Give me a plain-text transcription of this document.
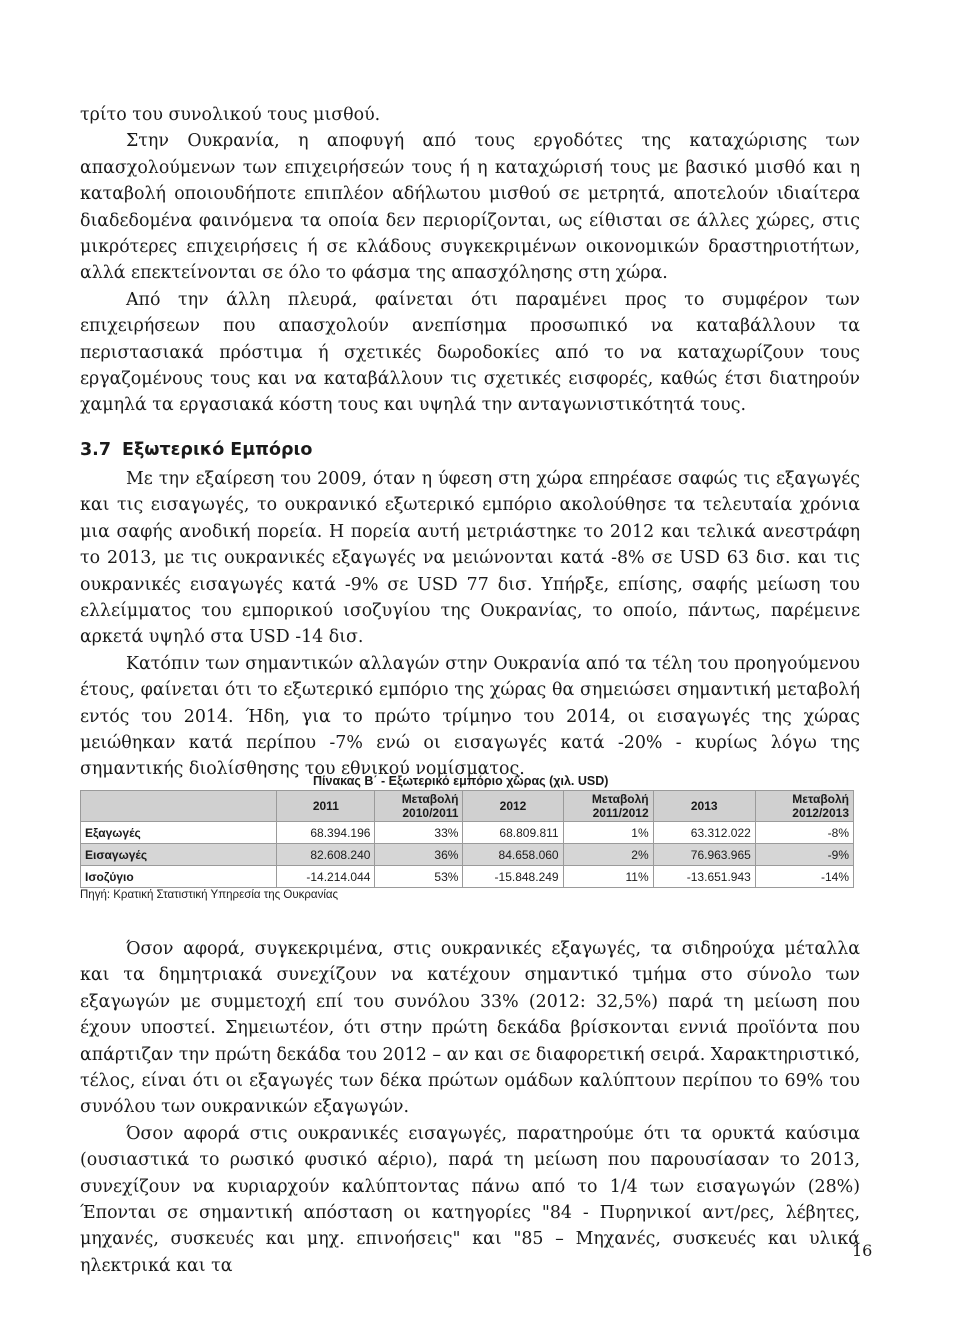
τρίτο του συνολικού τους μισθού.

Στην Ουκρανία, η αποφυγή από τους εργοδότες της καταχώρισης των απασχολούμενων των επιχειρήσεών τους ή η καταχώρισή τους με βασικό μισθό και η καταβολή οποιουδήποτε επιπλέον αδήλωτου μισθού σε μετρητά, αποτελούν ιδιαίτερα διαδεδομένα φαινόμενα τα οποία δεν περιορίζονται, ως είθισται σε άλλες χώρες, στις μικρότερες επιχειρήσεις ή σε κλάδους συγκεκριμένων οικονομικών δραστηριοτήτων, αλλά επεκτείνονται σε όλο το φάσμα της απασχόλησης στη χώρα.

Από την άλλη πλευρά, φαίνεται ότι παραμένει προς το συμφέρον των επιχειρήσεων που απασχολούν ανεπίσημα προσωπικό να καταβάλλουν τα περιστασιακά πρόστιμα ή σχετικές δωροδοκίες από το να καταχωρίζουν τους εργαζομένους τους και να καταβάλλουν τις σχετικές εισφορές, καθώς έτσι διατηρούν χαμηλά τα εργασιακά κόστη τους και υψηλά την ανταγωνιστικότητά τους.

3.7 Εξωτερικό Εμπόριο

Με την εξαίρεση του 2009, όταν η ύφεση στη χώρα επηρέασε σαφώς τις εξαγωγές και τις εισαγωγές, το ουκρανικό εξωτερικό εμπόριο ακολούθησε τα τελευταία χρόνια μια σαφής ανοδική πορεία. Η πορεία αυτή μετριάστηκε το 2012 και τελικά ανεστράφη το 2013, με τις ουκρανικές εξαγωγές να μειώνονται κατά -8% σε USD 63 δισ. και τις ουκρανικές εισαγωγές κατά -9% σε USD 77 δισ. Υπήρξε, επίσης, σαφής μείωση του ελλείμματος του εμπορικού ισοζυγίου της Ουκρανίας, το οποίο, πάντως, παρέμεινε αρκετά υψηλό στα USD -14 δισ.

Κατόπιν των σημαντικών αλλαγών στην Ουκρανία από τα τέλη του προηγούμενου έτους, φαίνεται ότι το εξωτερικό εμπόριο της χώρας θα σημειώσει σημαντική μεταβολή εντός του 2014. Ήδη, για το πρώτο τρίμηνο του 2014, οι εισαγωγές της χώρας μειώθηκαν κατά περίπου -7% ενώ οι εισαγωγές κατά -20% - κυρίως λόγω της σημαντικής διολίσθησης του εθνικού νομίσματος.

Πίνακας Β΄ - Εξωτερικό εμπόριο χώρας (χιλ. USD)
	2011	Μεταβολή 2010/2011	2012	Μεταβολή 2011/2012	2013	Μεταβολή 2012/2013
Εξαγωγές	68.394.196	33%	68.809.811	1%	63.312.022	-8%
Εισαγωγές	82.608.240	36%	84.658.060	2%	76.963.965	-9%
Ισοζύγιο	-14.214.044	53%	-15.848.249	11%	-13.651.943	-14%
Πηγή: Κρατική Στατιστική Υπηρεσία της Ουκρανίας

Όσον αφορά, συγκεκριμένα, στις ουκρανικές εξαγωγές, τα σιδηρούχα μέταλλα και τα δημητριακά συνεχίζουν να κατέχουν σημαντικό τμήμα στο σύνολο των εξαγωγών με συμμετοχή επί του συνόλου 33% (2012: 32,5%) παρά τη μείωση που έχουν υποστεί. Σημειωτέον, ότι στην πρώτη δεκάδα βρίσκονται εννιά προϊόντα που απάρτιζαν την πρώτη δεκάδα του 2012 – αν και σε διαφορετική σειρά. Χαρακτηριστικό, τέλος, είναι ότι οι εξαγωγές των δέκα πρώτων ομάδων καλύπτουν περίπου το 69% του συνόλου των ουκρανικών εξαγωγών.

Όσον αφορά στις ουκρανικές εισαγωγές, παρατηρούμε ότι τα ορυκτά καύσιμα (ουσιαστικά το ρωσικό φυσικό αέριο), παρά τη μείωση που παρουσίασαν το 2013, συνεχίζουν να κυριαρχούν καλύπτοντας πάνω από το 1/4 των εισαγωγών (28%) Έπονται σε σημαντική απόσταση οι κατηγορίες "84 - Πυρηνικοί αντ/ρες, λέβητες, μηχανές, συσκευές και μηχ. επινοήσεις" και "85 – Μηχανές, συσκευές και υλικά ηλεκτρικά και τα

16
